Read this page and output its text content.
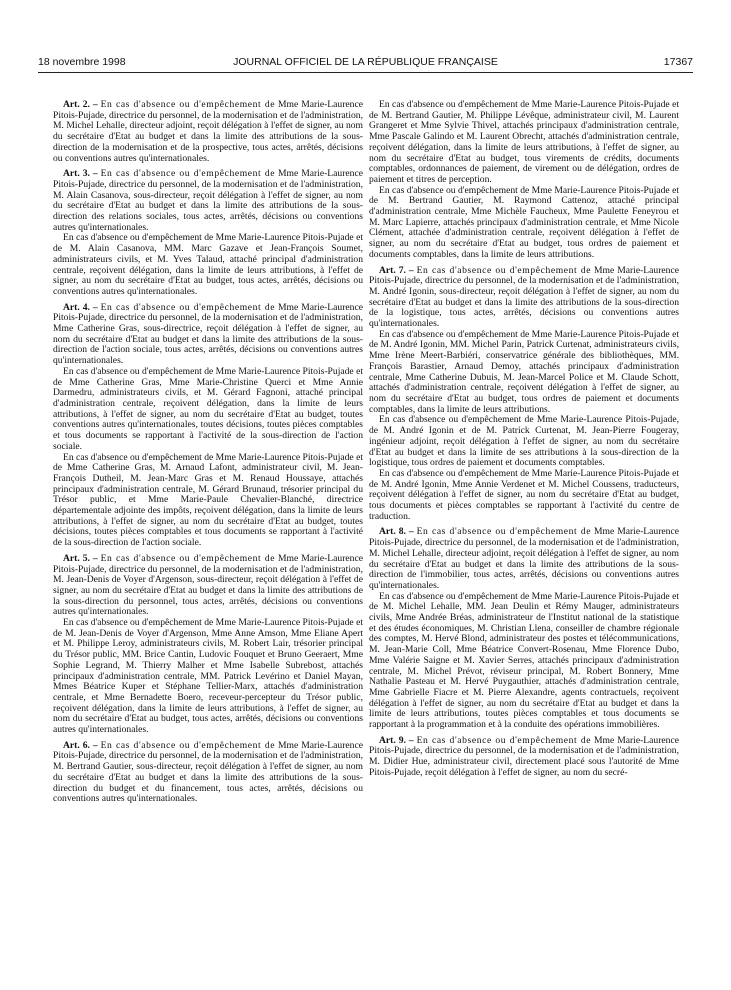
18 novembre 1998	JOURNAL OFFICIEL DE LA RÉPUBLIQUE FRANÇAISE	17367

Art. 2. – En cas d'absence ou d'empêchement de Mme Marie-Laurence Pitois-Pujade, directrice du personnel, de la modernisation et de l'administration, M. Michel Lehalle, directeur adjoint, reçoit délégation à l'effet de signer, au nom du secrétaire d'Etat au budget et dans la limite des attributions de la sous-direction de la modernisation et de la prospective, tous actes, arrêtés, décisions ou conventions autres qu'internationales.

Art. 3. – En cas d'absence ou d'empêchement de Mme Marie-Laurence Pitois-Pujade, directrice du personnel, de la modernisation et de l'administration, M. Alain Casanova, sous-directeur, reçoit délégation à l'effet de signer, au nom du secrétaire d'Etat au budget et dans la limite des attributions de la sous-direction des relations sociales, tous actes, arrêtés, décisions ou conventions autres qu'internationales.

En cas d'absence ou d'empêchement de Mme Marie-Laurence Pitois-Pujade et de M. Alain Casanova, MM. Marc Gazave et Jean-François Soumet, administrateurs civils, et M. Yves Talaud, attaché principal d'administration centrale, reçoivent délégation, dans la limite de leurs attributions, à l'effet de signer, au nom du secrétaire d'Etat au budget, tous actes, arrêtés, décisions ou conventions autres qu'internationales.

Art. 4. – En cas d'absence ou d'empêchement de Mme Marie-Laurence Pitois-Pujade, directrice du personnel, de la modernisation et de l'administration, Mme Catherine Gras, sous-directrice, reçoit délégation à l'effet de signer, au nom du secrétaire d'Etat au budget et dans la limite des attributions de la sous-direction de l'action sociale, tous actes, arrêtés, décisions ou conventions autres qu'internationales.

En cas d'absence ou d'empêchement de Mme Marie-Laurence Pitois-Pujade et de Mme Catherine Gras, Mme Marie-Christine Querci et Mme Annie Darmedru, administrateurs civils, et M. Gérard Fagnoni, attaché principal d'administration centrale, reçoivent délégation, dans la limite de leurs attributions, à l'effet de signer, au nom du secrétaire d'Etat au budget, toutes conventions autres qu'internationales, toutes décisions, toutes pièces comptables et tous documents se rapportant à l'activité de la sous-direction de l'action sociale.

En cas d'absence ou d'empêchement de Mme Marie-Laurence Pitois-Pujade et de Mme Catherine Gras, M. Arnaud Lafont, administrateur civil, M. Jean-François Dutheil, M. Jean-Marc Gras et M. Renaud Houssaye, attachés principaux d'administration centrale, M. Gérard Brunaud, trésorier principal du Trésor public, et Mme Marie-Paule Chevalier-Blanché, directrice départementale adjointe des impôts, reçoivent délégation, dans la limite de leurs attributions, à l'effet de signer, au nom du secrétaire d'Etat au budget, toutes décisions, toutes pièces comptables et tous documents se rapportant à l'activité de la sous-direction de l'action sociale.

Art. 5. – En cas d'absence ou d'empêchement de Mme Marie-Laurence Pitois-Pujade, directrice du personnel, de la modernisation et de l'administration, M. Jean-Denis de Voyer d'Argenson, sous-directeur, reçoit délégation à l'effet de signer, au nom du secrétaire d'Etat au budget et dans la limite des attributions de la sous-direction du personnel, tous actes, arrêtés, décisions ou conventions autres qu'internationales.

En cas d'absence ou d'empêchement de Mme Marie-Laurence Pitois-Pujade et de M. Jean-Denis de Voyer d'Argenson, Mme Anne Amson, Mme Eliane Apert et M. Philippe Leroy, administrateurs civils, M. Robert Lair, trésorier principal du Trésor public, MM. Brice Cantin, Ludovic Fouquet et Bruno Geeraert, Mme Sophie Legrand, M. Thierry Malher et Mme Isabelle Subrebost, attachés principaux d'administration centrale, MM. Patrick Levérino et Daniel Mayan, Mmes Béatrice Kuper et Stéphane Tellier-Marx, attachés d'administration centrale, et Mme Bernadette Boero, receveur-percepteur du Trésor public, reçoivent délégation, dans la limite de leurs attributions, à l'effet de signer, au nom du secrétaire d'Etat au budget, tous actes, arrêtés, décisions ou conventions autres qu'internationales.

Art. 6. – En cas d'absence ou d'empêchement de Mme Marie-Laurence Pitois-Pujade, directrice du personnel, de la modernisation et de l'administration, M. Bertrand Gautier, sous-directeur, reçoit délégation à l'effet de signer, au nom du secrétaire d'Etat au budget et dans la limite des attributions de la sous-direction du budget et du financement, tous actes, arrêtés, décisions ou conventions autres qu'internationales.

En cas d'absence ou d'empêchement de Mme Marie-Laurence Pitois-Pujade et de M. Bertrand Gautier, M. Philippe Lévêque, administrateur civil, M. Laurent Grangeret et Mme Sylvie Thivel, attachés principaux d'administration centrale, Mme Pascale Galindo et M. Laurent Obrecht, attachés d'administration centrale, reçoivent délégation, dans la limite de leurs attributions, à l'effet de signer, au nom du secrétaire d'Etat au budget, tous virements de crédits, documents comptables, ordonnances de paiement, de virement ou de délégation, ordres de paiement et titres de perception.

En cas d'absence ou d'empêchement de Mme Marie-Laurence Pitois-Pujade et de M. Bertrand Gautier, M. Raymond Cattenoz, attaché principal d'administration centrale, Mme Michèle Faucheux, Mme Paulette Feneyrou et M. Marc Lapierre, attachés principaux d'administration centrale, et Mme Nicole Clément, attachée d'administration centrale, reçoivent délégation à l'effet de signer, au nom du secrétaire d'Etat au budget, tous ordres de paiement et documents comptables, dans la limite de leurs attributions.

Art. 7. – En cas d'absence ou d'empêchement de Mme Marie-Laurence Pitois-Pujade, directrice du personnel, de la modernisation et de l'administration, M. André Igonin, sous-directeur, reçoit délégation à l'effet de signer, au nom du secrétaire d'Etat au budget et dans la limite des attributions de la sous-direction de la logistique, tous actes, arrêtés, décisions ou conventions autres qu'internationales.

En cas d'absence ou d'empêchement de Mme Marie-Laurence Pitois-Pujade et de M. André Igonin, MM. Michel Parin, Patrick Curtenat, administrateurs civils, Mme Irène Meert-Barbiéri, conservatrice générale des bibliothèques, MM. François Barastier, Arnaud Demoy, attachés principaux d'administration centrale, Mme Catherine Dubuis, M. Jean-Marcel Police et M. Claude Schott, attachés d'administration centrale, reçoivent délégation à l'effet de signer, au nom du secrétaire d'Etat au budget, tous ordres de paiement et documents comptables, dans la limite de leurs attributions.

En cas d'absence ou d'empêchement de Mme Marie-Laurence Pitois-Pujade, de M. André Igonin et de M. Patrick Curtenat, M. Jean-Pierre Fougeray, ingénieur adjoint, reçoit délégation à l'effet de signer, au nom du secrétaire d'Etat au budget et dans la limite de ses attributions à la sous-direction de la logistique, tous ordres de paiement et documents comptables.

En cas d'absence ou d'empêchement de Mme Marie-Laurence Pitois-Pujade et de M. André Igonin, Mme Annie Verdenet et M. Michel Coussens, traducteurs, reçoivent délégation à l'effet de signer, au nom du secrétaire d'Etat au budget, tous documents et pièces comptables se rapportant à l'activité du centre de traduction.

Art. 8. – En cas d'absence ou d'empêchement de Mme Marie-Laurence Pitois-Pujade, directrice du personnel, de la modernisation et de l'administration, M. Michel Lehalle, directeur adjoint, reçoit délégation à l'effet de signer, au nom du secrétaire d'Etat au budget et dans la limite des attributions de la sous-direction de l'immobilier, tous actes, arrêtés, décisions ou conventions autres qu'internationales.

En cas d'absence ou d'empêchement de Mme Marie-Laurence Pitois-Pujade et de M. Michel Lehalle, MM. Jean Deulin et Rémy Mauger, administrateurs civils, Mme Andrée Bréas, administrateur de l'Institut national de la statistique et des études économiques, M. Christian Llena, conseiller de chambre régionale des comptes, M. Hervé Blond, administrateur des postes et télécommunications, M. Jean-Marie Coll, Mme Béatrice Convert-Rosenau, Mme Florence Dubo, Mme Valérie Saigne et M. Xavier Serres, attachés principaux d'administration centrale, M. Michel Prévot, réviseur principal, M. Robert Bonnery, Mme Nathalie Pasteau et M. Hervé Puygauthier, attachés d'administration centrale, Mme Gabrielle Fiacre et M. Pierre Alexandre, agents contractuels, reçoivent délégation à l'effet de signer, au nom du secrétaire d'Etat au budget et dans la limite de leurs attributions, toutes pièces comptables et tous documents se rapportant à la programmation et à la conduite des opérations immobilières.

Art. 9. – En cas d'absence ou d'empêchement de Mme Marie-Laurence Pitois-Pujade, directrice du personnel, de la modernisation et de l'administration, M. Didier Hue, administrateur civil, directement placé sous l'autorité de Mme Pitois-Pujade, reçoit délégation à l'effet de signer, au nom du secré-
